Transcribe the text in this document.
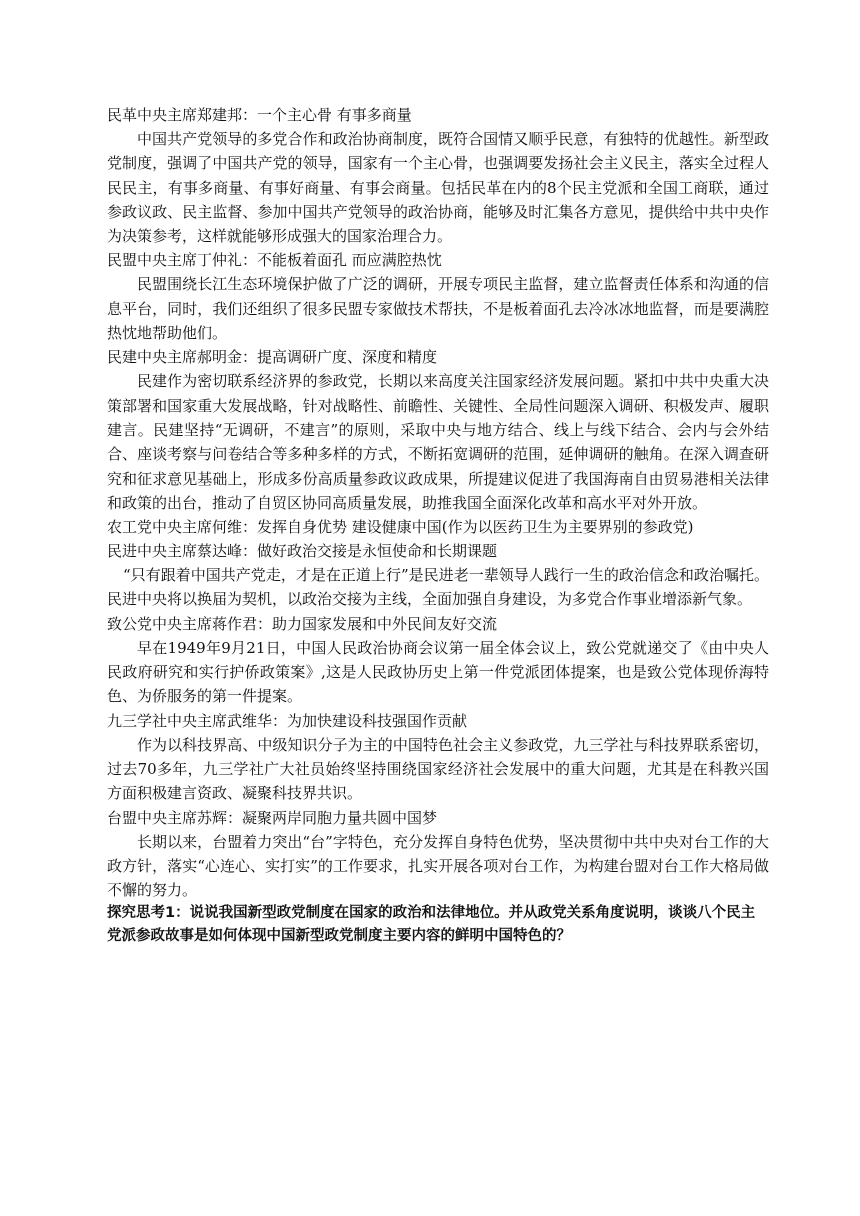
民革中央主席郑建邦：一个主心骨 有事多商量

中国共产党领导的多党合作和政治协商制度，既符合国情又顺乎民意，有独特的优越性。新型政党制度，强调了中国共产党的领导，国家有一个主心骨，也强调要发扬社会主义民主，落实全过程人民民主，有事多商量、有事好商量、有事会商量。包括民革在内的8个民主党派和全国工商联，通过参政议政、民主监督、参加中国共产党领导的政治协商，能够及时汇集各方意见，提供给中共中央作为决策参考，这样就能够形成强大的国家治理合力。

民盟中央主席丁仲礼：不能板着面孔 而应满腔热忱

民盟围绕长江生态环境保护做了广泛的调研，开展专项民主监督，建立监督责任体系和沟通的信息平台，同时，我们还组织了很多民盟专家做技术帮扶，不是板着面孔去冷冰冰地监督，而是要满腔热忱地帮助他们。

民建中央主席郝明金：提高调研广度、深度和精度

民建作为密切联系经济界的参政党，长期以来高度关注国家经济发展问题。紧扣中共中央重大决策部署和国家重大发展战略，针对战略性、前瞻性、关键性、全局性问题深入调研、积极发声、履职建言。民建坚持“无调研，不建言”的原则，采取中央与地方结合、线上与线下结合、会内与会外结合、座谈考察与问卷结合等多种多样的方式，不断拓宽调研的范围，延伸调研的触角。在深入调查研究和征求意见基础上，形成多份高质量参政议政成果，所提建议促进了我国海南自由贸易港相关法律和政策的出台，推动了自贸区协同高质量发展，助推我国全面深化改革和高水平对外开放。

农工党中央主席何维：发挥自身优势 建设健康中国(作为以医药卫生为主要界别的参政党)

民进中央主席蔡达峰：做好政治交接是永恒使命和长期课题

“只有跟着中国共产党走，才是在正道上行”是民进老一辈领导人践行一生的政治信念和政治嘱托。民进中央将以换届为契机，以政治交接为主线，全面加强自身建设，为多党合作事业增添新气象。

致公党中央主席蒋作君：助力国家发展和中外民间友好交流

早在1949年9月21日，中国人民政治协商会议第一届全体会议上，致公党就递交了《由中央人民政府研究和实行护侨政策案》,这是人民政协历史上第一件党派团体提案，也是致公党体现侨海特色、为侨服务的第一件提案。

九三学社中央主席武维华：为加快建设科技强国作贡献

作为以科技界高、中级知识分子为主的中国特色社会主义参政党，九三学社与科技界联系密切，过去70多年，九三学社广大社员始终坚持围绕国家经济社会发展中的重大问题，尤其是在科教兴国方面积极建言资政、凝聚科技界共识。

台盟中央主席苏辉：凝聚两岸同胞力量共圆中国梦

长期以来，台盟着力突出“台”字特色，充分发挥自身特色优势，坚决贯彻中共中央对台工作的大政方针，落实“心连心、实打实”的工作要求，扎实开展各项对台工作，为构建台盟对台工作大格局做不懈的努力。

探究思考1：说说我国新型政党制度在国家的政治和法律地位。并从政党关系角度说明，谈谈八个民主党派参政故事是如何体现中国新型政党制度主要内容的鲜明中国特色的？
